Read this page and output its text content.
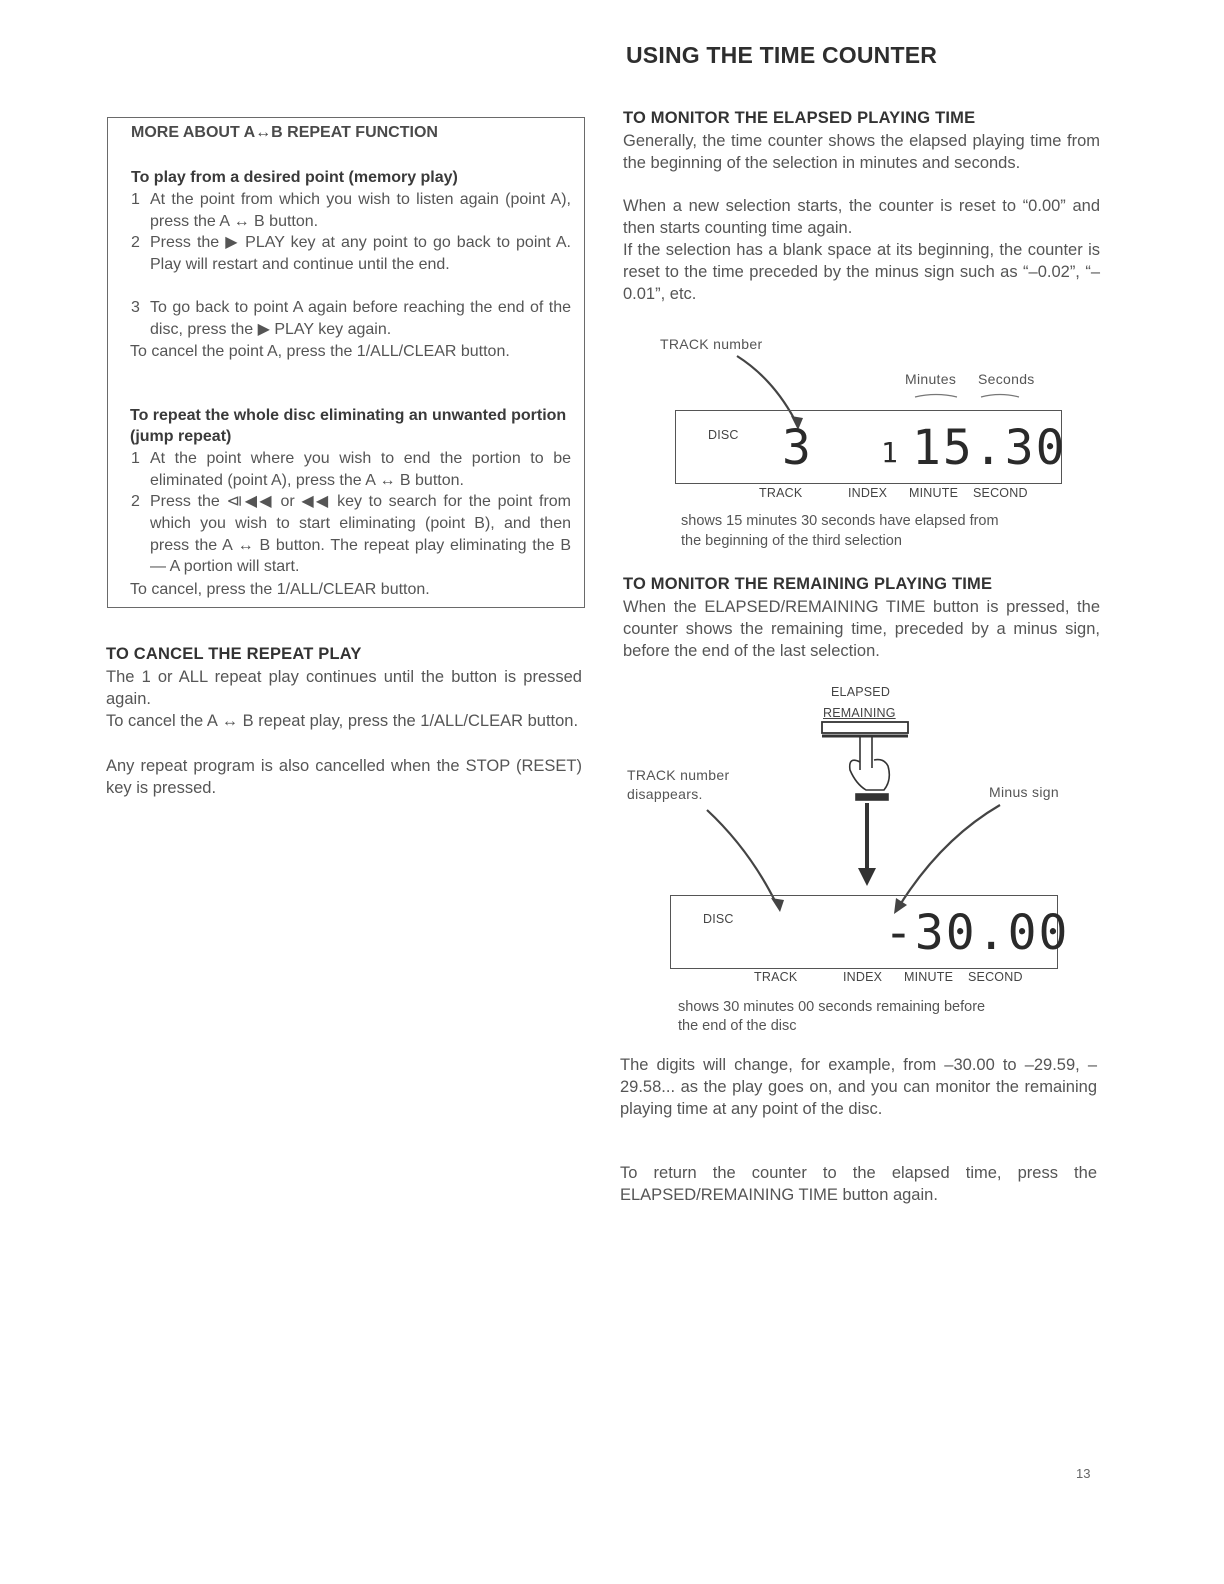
USING THE TIME COUNTER
MORE ABOUT A↔B REPEAT FUNCTION
To play from a desired point (memory play)
1 At the point from which you wish to listen again (point A), press the A ↔ B button.
2 Press the ▶ PLAY key at any point to go back to point A. Play will restart and continue until the end.
3 To go back to point A again before reaching the end of the disc, press the ▶ PLAY key again.
To cancel the point A, press the 1/ALL/CLEAR button.
To repeat the whole disc eliminating an unwanted portion (jump repeat)
1 At the point where you wish to end the portion to be eliminated (point A), press the A ↔ B button.
2 Press the ⧏◀◀ or ◀◀ key to search for the point from which you wish to start eliminating (point B), and then press the A ↔ B button. The repeat play eliminating the B — A portion will start.
To cancel, press the 1/ALL/CLEAR button.
TO CANCEL THE REPEAT PLAY
The 1 or ALL repeat play continues until the button is pressed again.
To cancel the A ↔ B repeat play, press the 1/ALL/CLEAR button.
Any repeat program is also cancelled when the STOP (RESET) key is pressed.
TO MONITOR THE ELAPSED PLAYING TIME
Generally, the time counter shows the elapsed playing time from the beginning of the selection in minutes and seconds.
When a new selection starts, the counter is reset to “0.00” and then starts counting time again.
If the selection has a blank space at its beginning, the counter is reset to the time preceded by the minus sign such as “–0.02”, “–0.01”, etc.
TRACK number
Minutes Seconds
DISC 3	1 15.30
TRACK	INDEX MINUTE SECOND
shows 15 minutes 30 seconds have elapsed from
the beginning of the third selection
TO MONITOR THE REMAINING PLAYING TIME
When the ELAPSED/REMAINING TIME button is pressed, the counter shows the remaining time, preceded by a minus sign, before the end of the last selection.
ELAPSED
REMAINING
TRACK number
disappears.	Minus sign
DISC	-30.00
TRACK	INDEX MINUTE SECOND
shows 30 minutes 00 seconds remaining before
the end of the disc
The digits will change, for example, from –30.00 to –29.59, –29.58... as the play goes on, and you can monitor the remaining playing time at any point of the disc.
To return the counter to the elapsed time, press the ELAPSED/REMAINING TIME button again.
13
